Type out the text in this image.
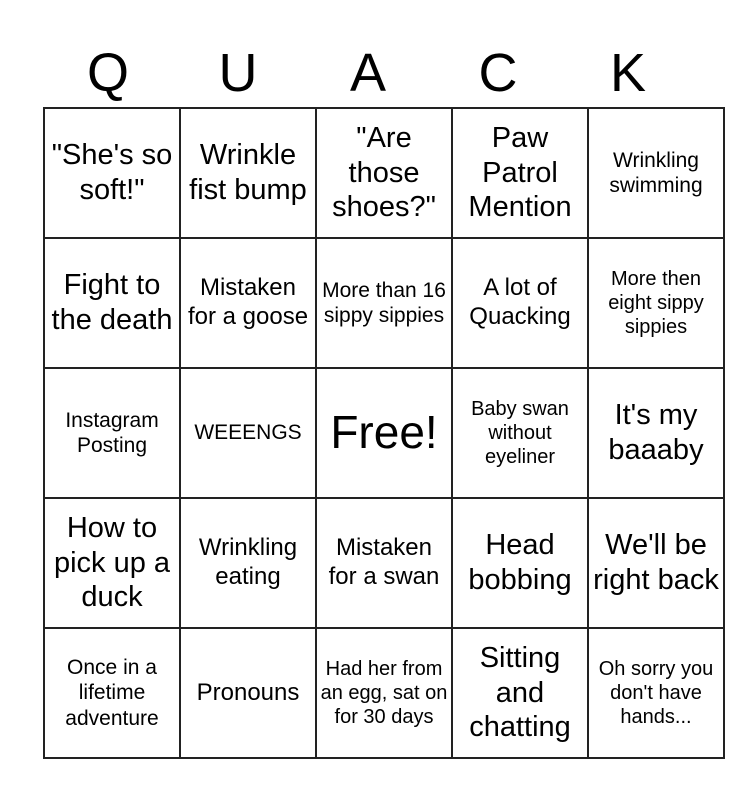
Q	U	A	C	K
"She's so soft!"	Wrinkle fist bump	"Are those shoes?"	Paw Patrol Mention	Wrinkling swimming
Fight to the death	Mistaken for a goose	More than 16 sippy sippies	A lot of Quacking	More then eight sippy sippies
Instagram Posting	WEEENGS	Free!	Baby swan without eyeliner	It's my baaaby
How to pick up a duck	Wrinkling eating	Mistaken for a swan	Head bobbing	We'll be right back
Once in a lifetime adventure	Pronouns	Had her from an egg, sat on for 30 days	Sitting and chatting	Oh sorry you don't have hands...
